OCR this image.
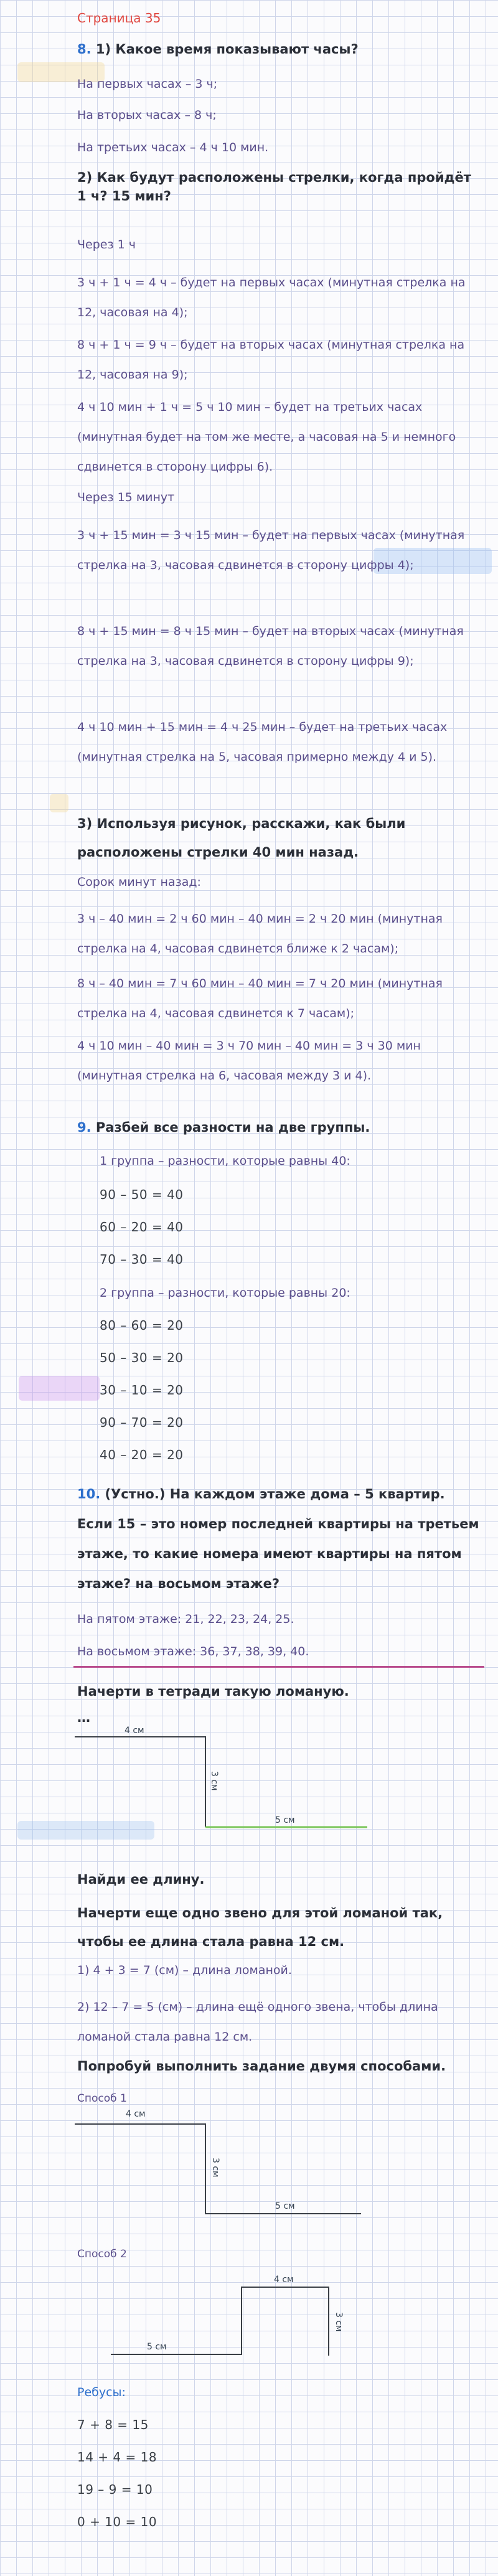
Страница 35
8. 1) Какое время показывают часы?
На первых часах – 3 ч;
На вторых часах – 8 ч;
На третьих часах – 4 ч 10 мин.
2) Как будут расположены стрелки, когда пройдёт 1 ч? 15 мин?
Через 1 ч
3 ч + 1 ч = 4 ч – будет на первых часах (минутная стрелка на 12, часовая на 4);
8 ч + 1 ч = 9 ч – будет на вторых часах (минутная стрелка на 12, часовая на 9);
4 ч 10 мин + 1 ч = 5 ч 10 мин – будет на третьих часах (минутная будет на том же месте, а часовая на 5 и немного сдвинется в сторону цифры 6).
Через 15 минут
3 ч + 15 мин = 3 ч 15 мин – будет на первых часах (минутная стрелка на 3, часовая сдвинется в сторону цифры 4);
8 ч + 15 мин = 8 ч 15 мин – будет на вторых часах (минутная стрелка на 3, часовая сдвинется в сторону цифры 9);
4 ч 10 мин + 15 мин = 4 ч 25 мин – будет на третьих часах (минутная стрелка на 5, часовая примерно между 4 и 5).
3) Используя рисунок, расскажи, как были расположены стрелки 40 мин назад.
Сорок минут назад:
3 ч – 40 мин = 2 ч 60 мин – 40 мин = 2 ч 20 мин (минутная стрелка на 4, часовая сдвинется ближе к 2 часам);
8 ч – 40 мин = 7 ч 60 мин – 40 мин = 7 ч 20 мин (минутная стрелка на 4, часовая сдвинется к 7 часам);
4 ч 10 мин – 40 мин = 3 ч 70 мин – 40 мин = 3 ч 30 мин (минутная стрелка на 6, часовая между 3 и 4).
9. Разбей все разности на две группы.
1 группа – разности, которые равны 40:
90 – 50 = 40
60 – 20 = 40
70 – 30 = 40
2 группа – разности, которые равны 20:
80 – 60 = 20
50 – 30 = 20
30 – 10 = 20
90 – 70 = 20
40 – 20 = 20
10. (Устно.) На каждом этаже дома – 5 квартир. Если 15 – это номер последней квартиры на третьем этаже, то какие номера имеют квартиры на пятом этаже? на восьмом этаже?
На пятом этаже: 21, 22, 23, 24, 25.
На восьмом этаже: 36, 37, 38, 39, 40.
Начерти в тетради такую ломаную.
…
4 см
3 см
5 см
Найди ее длину.
Начерти еще одно звено для этой ломаной так, чтобы ее длина стала равна 12 см.
1) 4 + 3 = 7 (см) – длина ломаной.
2) 12 – 7 = 5 (см) – длина ещё одного звена, чтобы длина ломаной стала равна 12 см.
Попробуй выполнить задание двумя способами.
Способ 1
4 см
3 см
5 см
Способ 2
4 см
3 см
5 см
Ребусы:
7 + 8 = 15
14 + 4 = 18
19 – 9 = 10
0 + 10 = 10
